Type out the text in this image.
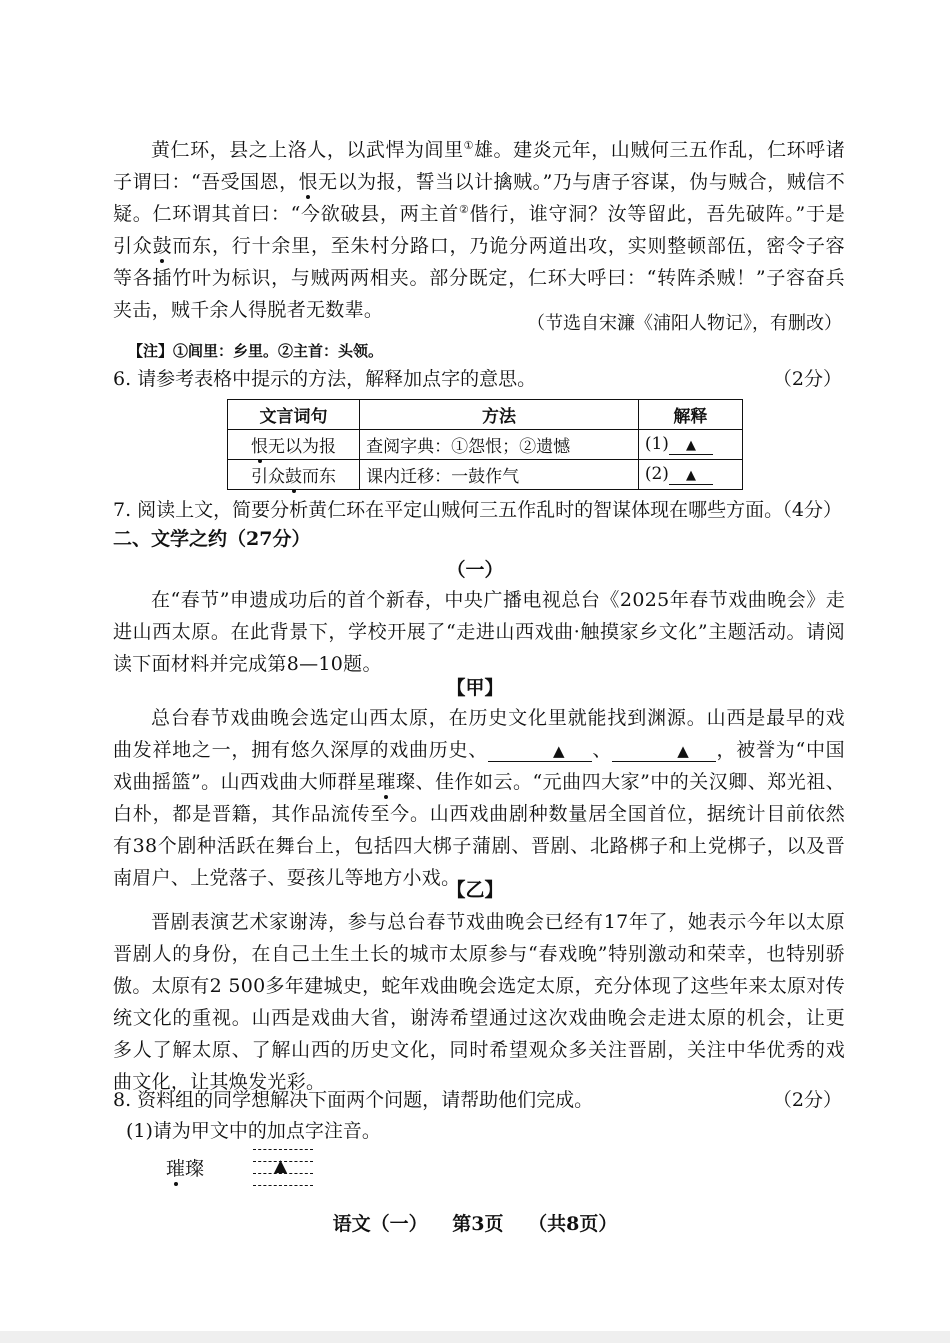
黄仁环，县之上洛人，以武悍为闾里①雄。建炎元年，山贼何三五作乱，仁环呼诸子谓曰：“吾受国恩，恨无以为报，誓当以计擒贼。”乃与唐子容谋，伪与贼合，贼信不疑。仁环谓其首曰：“今欲破县，两主首②偕行，谁守洞？汝等留此，吾先破阵。”于是引众鼓而东，行十余里，至朱村分路口，乃诡分两道出攻，实则整顿部伍，密令子容等各插竹叶为标识，与贼两两相夹。部分既定，仁环大呼曰：“转阵杀贼！”子容奋兵夹击，贼千余人得脱者无数辈。

（节选自宋濂《浦阳人物记》，有删改）
【注】①闾里：乡里。②主首：头领。
6. 请参考表格中提示的方法，解释加点字的意思。	（2分）
文言词句	方法	解释
恨无以为报	查阅字典：①怨恨；②遗憾	(1) ▲
引众鼓而东	课内迁移：一鼓作气	(2) ▲
7. 阅读上文，简要分析黄仁环在平定山贼何三五作乱时的智谋体现在哪些方面。
（4分）
二、文学之约（27分）
（一）

在“春节”申遗成功后的首个新春，中央广播电视总台《2025年春节戏曲晚会》走进山西太原。在此背景下，学校开展了“走进山西戏曲·触摸家乡文化”主题活动。请阅读下面材料并完成第8—10题。

【甲】

总台春节戏曲晚会选定山西太原，在历史文化里就能找到渊源。山西是最早的戏曲发祥地之一，拥有悠久深厚的戏曲历史、	▲ 、	▲ ，被誉为“中国戏曲摇篮”。山西戏曲大师群星璀璨、佳作如云。“元曲四大家”中的关汉卿、郑光祖、白朴，都是晋籍，其作品流传至今。山西戏曲剧种数量居全国首位，据统计目前依然有38个剧种活跃在舞台上，包括四大梆子蒲剧、晋剧、北路梆子和上党梆子，以及晋南眉户、上党落子、耍孩儿等地方小戏。

【乙】

晋剧表演艺术家谢涛，参与总台春节戏曲晚会已经有17年了，她表示今年以太原晋剧人的身份，在自己土生土长的城市太原参与“春戏晚”特别激动和荣幸，也特别骄傲。太原有2 500多年建城史，蛇年戏曲晚会选定太原，充分体现了这些年来太原对传统文化的重视。山西是戏曲大省，谢涛希望通过这次戏曲晚会走进太原的机会，让更多人了解太原、了解山西的历史文化，同时希望观众多关注晋剧，关注中华优秀的戏曲文化，让其焕发光彩。

8. 资料组的同学想解决下面两个问题，请帮助他们完成。	（2分）
(1)请为甲文中的加点字注音。
璀璨	▲
语文（一） 第3页 （共8页）
